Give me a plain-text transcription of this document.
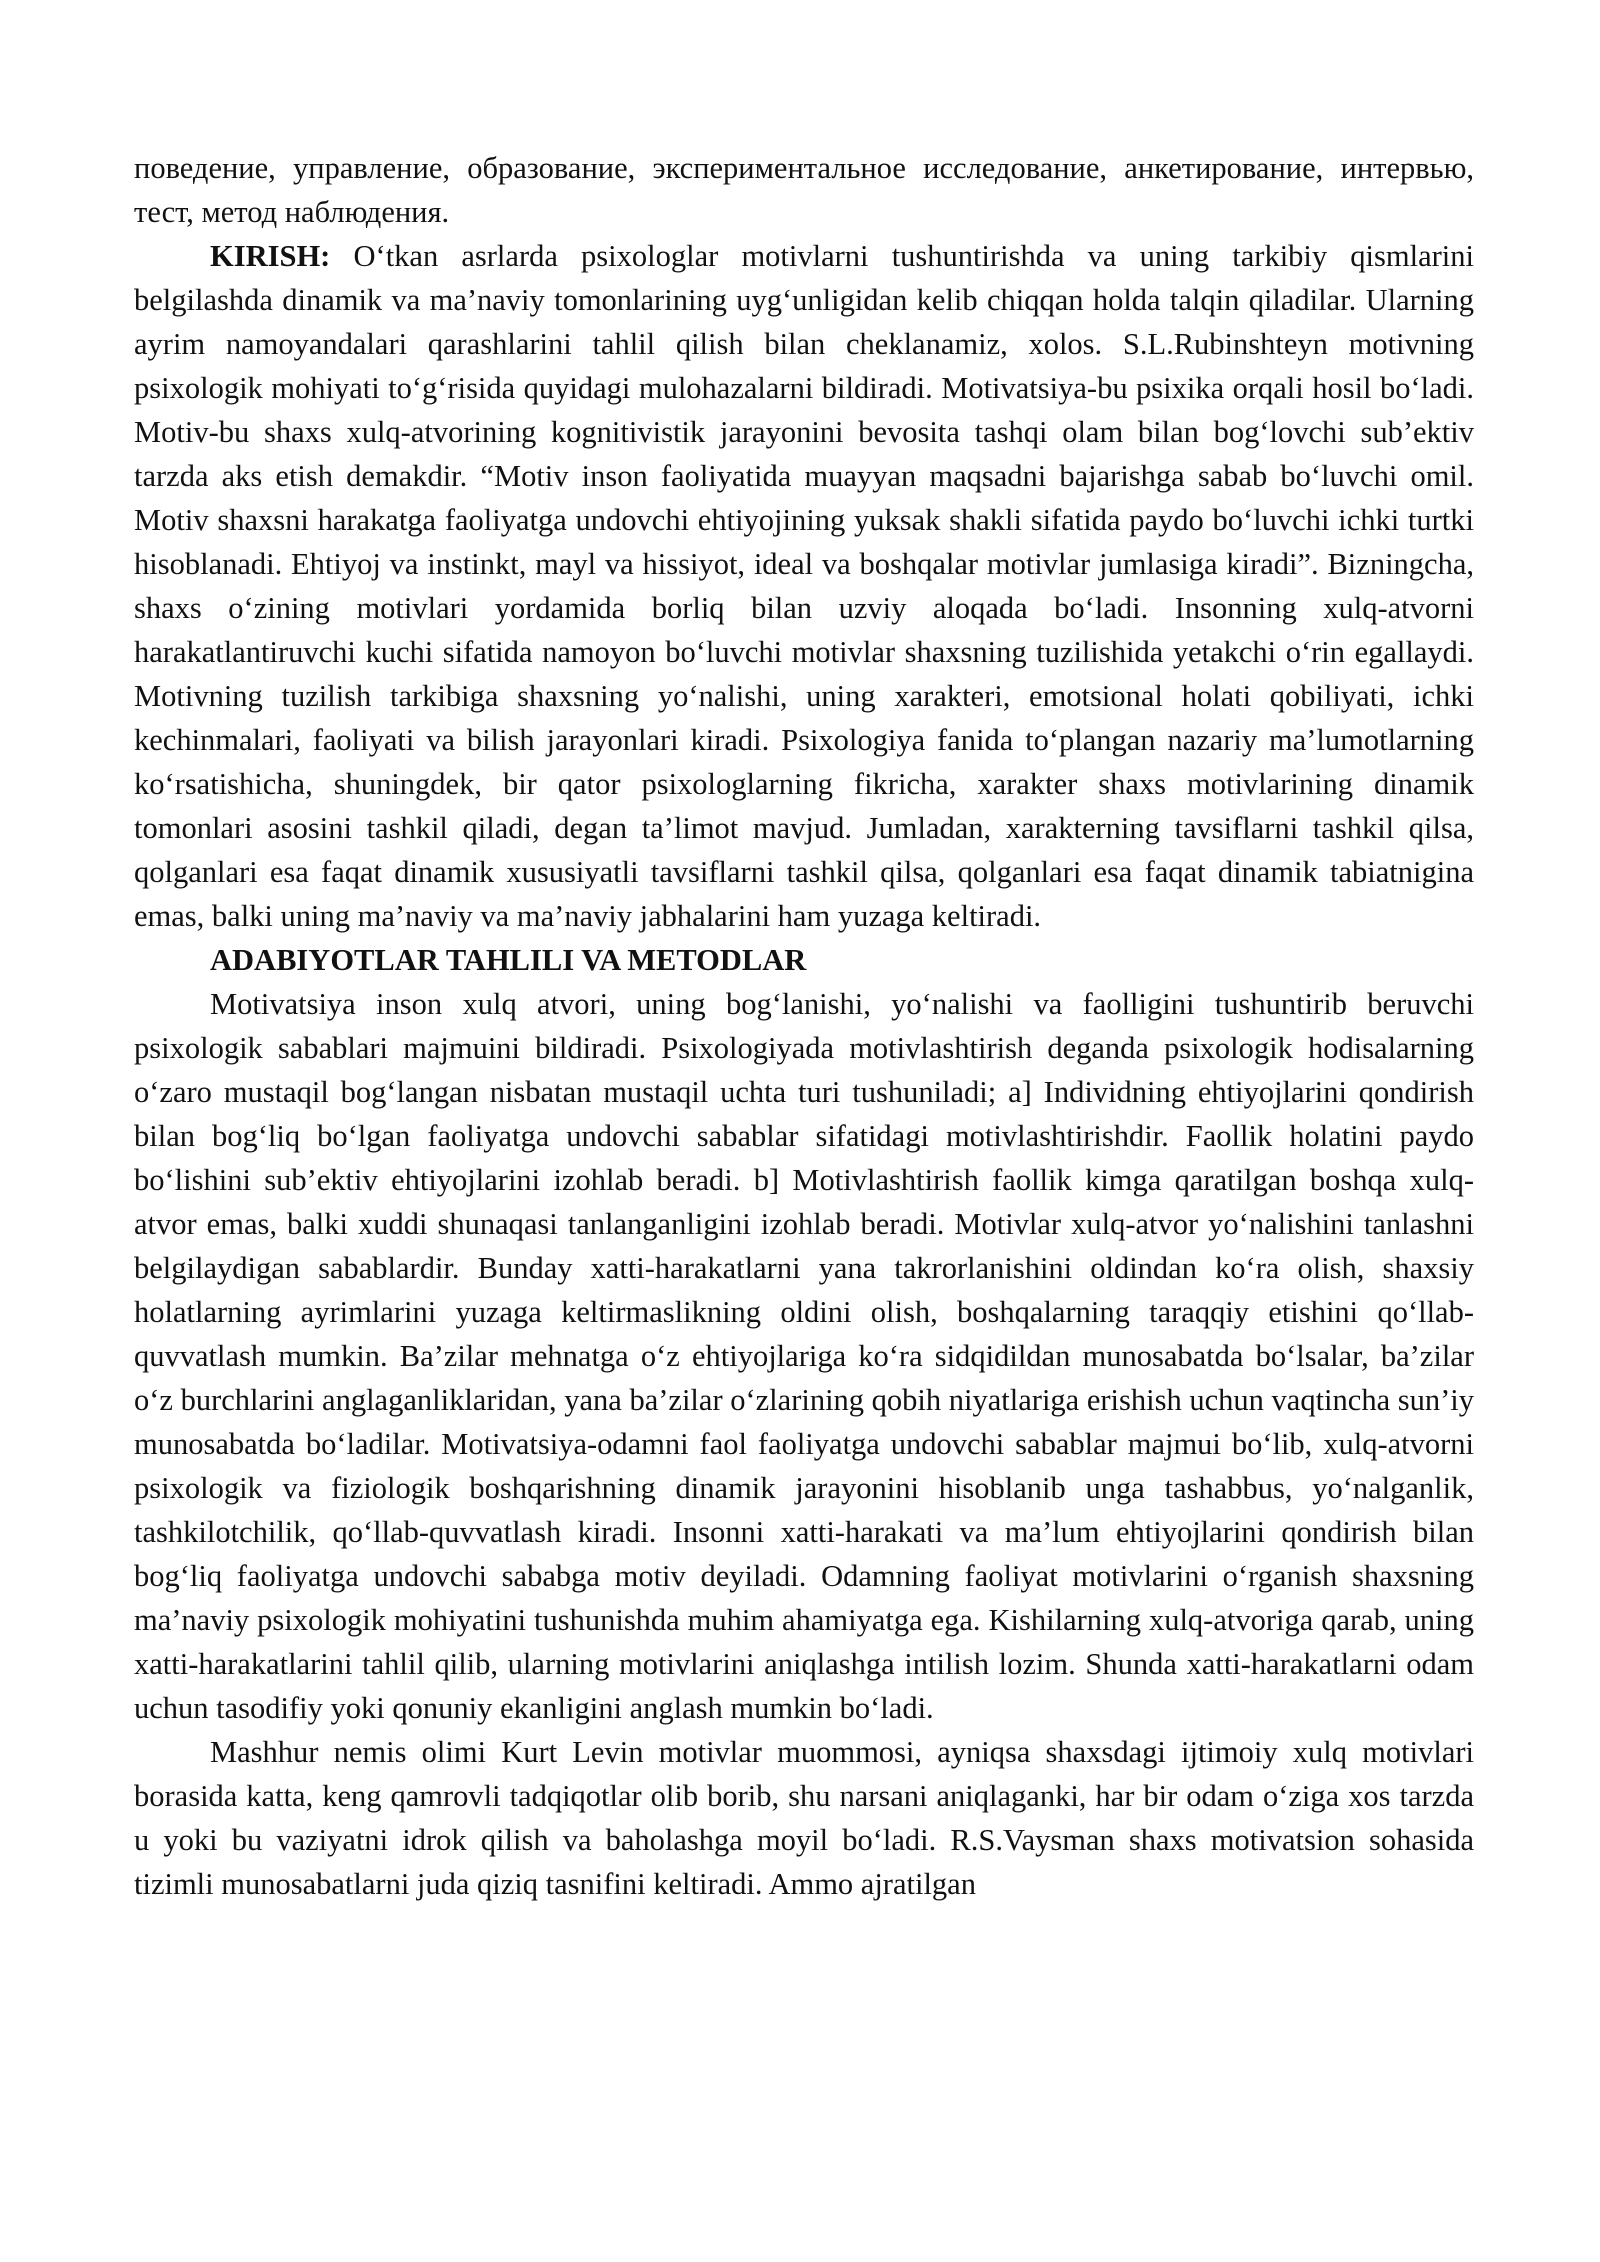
поведение, управление, образование, экспериментальное исследование, анкетирование, интервью, тест, метод наблюдения.

KIRISH: O‘tkan asrlarda psixologlar motivlarni tushuntirishda va uning tarkibiy qismlarini belgilashda dinamik va ma’naviy tomonlarining uyg‘unligidan kelib chiqqan holda talqin qiladilar. Ularning ayrim namoyandalari qarashlarini tahlil qilish bilan cheklanamiz, xolos. S.L.Rubinshteyn motivning psixologik mohiyati to‘g‘risida quyidagi mulohazalarni bildiradi. Motivatsiya-bu psixika orqali hosil bo‘ladi. Motiv-bu shaxs xulq-atvorining kognitivistik jarayonini bevosita tashqi olam bilan bog‘lovchi sub’ektiv tarzda aks etish demakdir. “Motiv inson faoliyatida muayyan maqsadni bajarishga sabab bo‘luvchi omil. Motiv shaxsni harakatga faoliyatga undovchi ehtiyojining yuksak shakli sifatida paydo bo‘luvchi ichki turtki hisoblanadi. Ehtiyoj va instinkt, mayl va hissiyot, ideal va boshqalar motivlar jumlasiga kiradi”. Bizningcha, shaxs o‘zining motivlari yordamida borliq bilan uzviy aloqada bo‘ladi. Insonning xulq-atvorni harakatlantiruvchi kuchi sifatida namoyon bo‘luvchi motivlar shaxsning tuzilishida yetakchi o‘rin egallaydi. Motivning tuzilish tarkibiga shaxsning yo‘nalishi, uning xarakteri, emotsional holati qobiliyati, ichki kechinmalari, faoliyati va bilish jarayonlari kiradi. Psixologiya fanida to‘plangan nazariy ma’lumotlarning ko‘rsatishicha, shuningdek, bir qator psixologlarning fikricha, xarakter shaxs motivlarining dinamik tomonlari asosini tashkil qiladi, degan ta’limot mavjud. Jumladan, xarakterning tavsiflarni tashkil qilsa, qolganlari esa faqat dinamik xususiyatli tavsiflarni tashkil qilsa, qolganlari esa faqat dinamik tabiatnigina emas, balki uning ma’naviy va ma’naviy jabhalarini ham yuzaga keltiradi.

ADABIYOTLAR TAHLILI VA METODLAR

Motivatsiya inson xulq atvori, uning bog‘lanishi, yo‘nalishi va faolligini tushuntirib beruvchi psixologik sabablari majmuini bildiradi. Psixologiyada motivlashtirish deganda psixologik hodisalarning o‘zaro mustaqil bog‘langan nisbatan mustaqil uchta turi tushuniladi; a] Individning ehtiyojlarini qondirish bilan bog‘liq bo‘lgan faoliyatga undovchi sabablar sifatidagi motivlashtirishdir. Faollik holatini paydo bo‘lishini sub’ektiv ehtiyojlarini izohlab beradi. b] Motivlashtirish faollik kimga qaratilgan boshqa xulq-atvor emas, balki xuddi shunaqasi tanlanganligini izohlab beradi. Motivlar xulq-atvor yo‘nalishini tanlashni belgilaydigan sabablardir. Bunday xatti-harakatlarni yana takrorlanishini oldindan ko‘ra olish, shaxsiy holatlarning ayrimlarini yuzaga keltirmaslikning oldini olish, boshqalarning taraqqiy etishini qo‘llab-quvvatlash mumkin. Ba’zilar mehnatga o‘z ehtiyojlariga ko‘ra sidqidildan munosabatda bo‘lsalar, ba’zilar o‘z burchlarini anglaganliklaridan, yana ba’zilar o‘zlarining qobih niyatlariga erishish uchun vaqtincha sun’iy munosabatda bo‘ladilar. Motivatsiya-odamni faol faoliyatga undovchi sabablar majmui bo‘lib, xulq-atvorni psixologik va fiziologik boshqarishning dinamik jarayonini hisoblanib unga tashabbus, yo‘nalganlik, tashkilotchilik, qo‘llab-quvvatlash kiradi. Insonni xatti-harakati va ma’lum ehtiyojlarini qondirish bilan bog‘liq faoliyatga undovchi sababga motiv deyiladi. Odamning faoliyat motivlarini o‘rganish shaxsning ma’naviy psixologik mohiyatini tushunishda muhim ahamiyatga ega. Kishilarning xulq-atvoriga qarab, uning xatti-harakatlarini tahlil qilib, ularning motivlarini aniqlashga intilish lozim. Shunda xatti-harakatlarni odam uchun tasodifiy yoki qonuniy ekanligini anglash mumkin bo‘ladi.

Mashhur nemis olimi Kurt Levin motivlar muommosi, ayniqsa shaxsdagi ijtimoiy xulq motivlari borasida katta, keng qamrovli tadqiqotlar olib borib, shu narsani aniqlaganki, har bir odam o‘ziga xos tarzda u yoki bu vaziyatni idrok qilish va baholashga moyil bo‘ladi. R.S.Vaysman shaxs motivatsion sohasida tizimli munosabatlarni juda qiziq tasnifini keltiradi. Ammo ajratilgan
